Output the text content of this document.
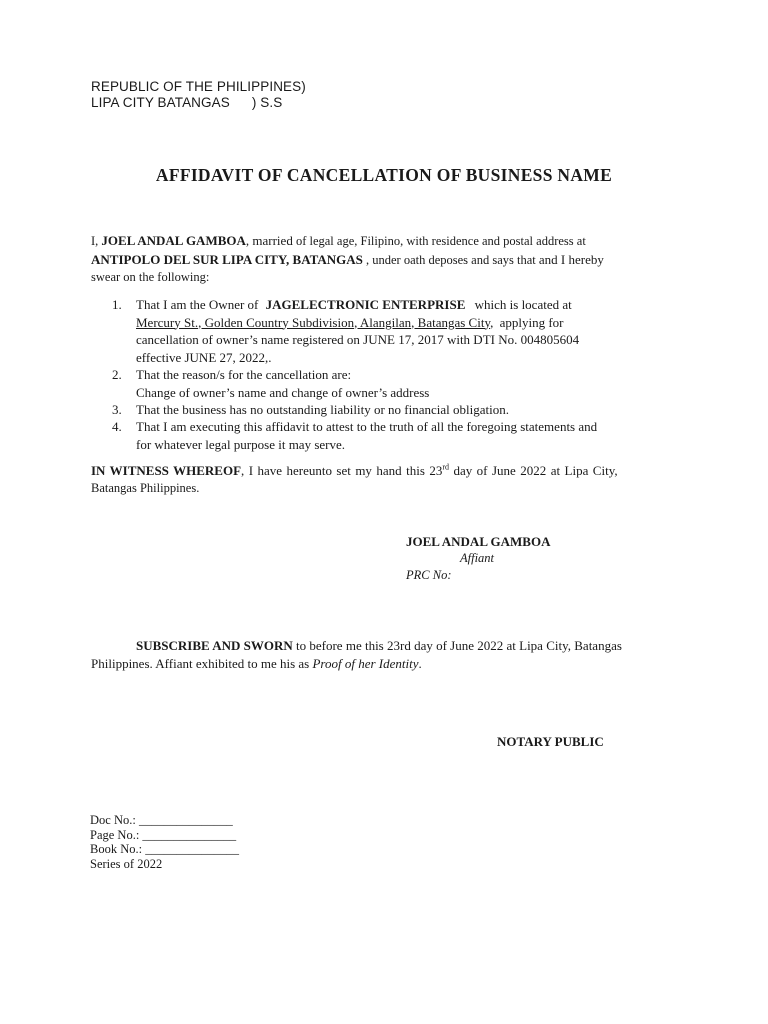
REPUBLIC OF THE PHILIPPINES)
LIPA CITY BATANGAS ) S.S
AFFIDAVIT OF CANCELLATION OF BUSINESS NAME
I, JOEL ANDAL GAMBOA, married of legal age, Filipino, with residence and postal address at
ANTIPOLO DEL SUR LIPA CITY, BATANGAS , under oath deposes and says that and I hereby
swear on the following:
1.	That I am the Owner of JAGELECTRONIC ENTERPRISE which is located at
Mercury St., Golden Country Subdivision, Alangilan, Batangas City, applying for
cancellation of owner’s name registered on JUNE 17, 2017 with DTI No. 004805604
effective JUNE 27, 2022,.
2.	That the reason/s for the cancellation are:
Change of owner’s name and change of owner’s address
3.	That the business has no outstanding liability or no financial obligation.
4.	That I am executing this affidavit to attest to the truth of all the foregoing statements and
for whatever legal purpose it may serve.
IN WITNESS WHEREOF, I have hereunto set my hand this 23rd day of June 2022 at Lipa City,
Batangas Philippines.
JOEL ANDAL GAMBOA
Affiant
PRC No:
SUBSCRIBE AND SWORN to before me this 23rd day of June 2022 at Lipa City, Batangas
Philippines. Affiant exhibited to me his as Proof of her Identity.
NOTARY PUBLIC
Doc No.: _______________
Page No.: _______________
Book No.: _______________
Series of 2022
